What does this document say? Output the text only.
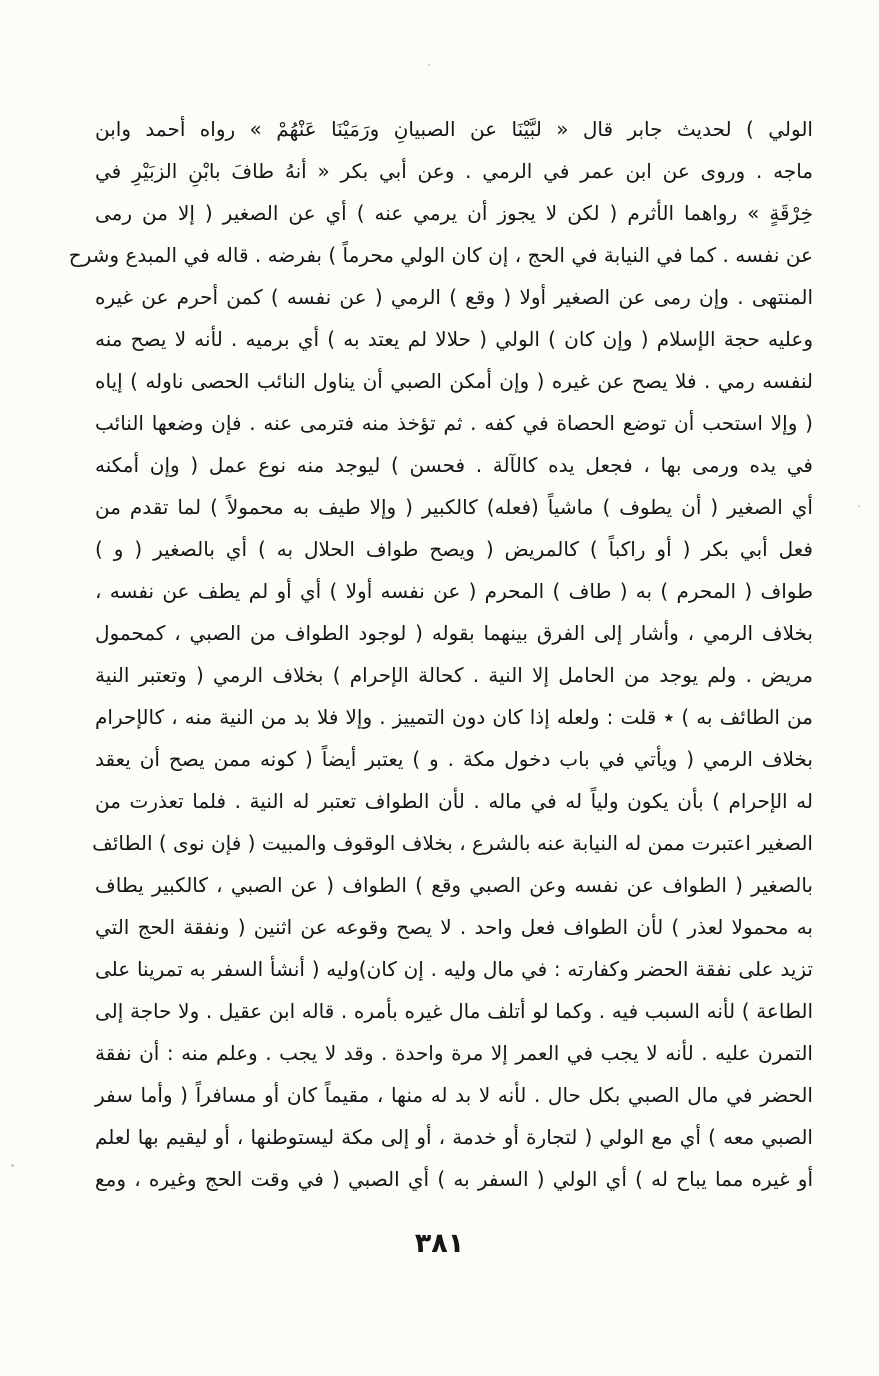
الولي ) لحديث جابر قال « لبَّيْنَا عن الصبيانِ ورَمَيْنَا عَنْهُمْ » رواه أحمد وابن
ماجه . وروى عن ابن عمر في الرمي . وعن أبي بكر « أنهُ طافَ بابْنِ الزبَيْرِ في
خِرْقَةٍ » رواهما الأثرم ( لكن لا يجوز أن يرمي عنه ) أي عن الصغير ( إلا من رمى
عن نفسه . كما في النيابة في الحج ، إن كان الولي محرماً ) بفرضه . قاله في المبدع وشرح
المنتهى . وإن رمى عن الصغير أولا ( وقع ) الرمي ( عن نفسه ) كمن أحرم عن غيره
وعليه حجة الإسلام ( وإن كان ) الولي ( حلالا لم يعتد به ) أي برميه . لأنه لا يصح منه
لنفسه رمي . فلا يصح عن غيره ( وإن أمكن الصبي أن يناول النائب الحصى ناوله ) إياه
( وإلا استحب أن توضع الحصاة في كفه . ثم تؤخذ منه فترمى عنه . فإن وضعها النائب
في يده ورمى بها ، فجعل يده كالآلة . فحسن ) ليوجد منه نوع عمل ( وإن أمكنه
أي الصغير ( أن يطوف ) ماشياً (فعله) كالكبير ( وإلا طيف به محمولاً ) لما تقدم من
فعل أبي بكر ( أو راكباً ) كالمريض ( ويصح طواف الحلال به ) أي بالصغير ( و )
طواف ( المحرم ) به ( طاف ) المحرم ( عن نفسه أولا ) أي أو لم يطف عن نفسه ،
بخلاف الرمي ، وأشار إلى الفرق بينهما بقوله ( لوجود الطواف من الصبي ، كمحمول
مريض . ولم يوجد من الحامل إلا النية . كحالة الإحرام ) بخلاف الرمي ( وتعتبر النية
من الطائف به ) ٭ قلت : ولعله إذا كان دون التمييز . وإلا فلا بد من النية منه ، كالإحرام
بخلاف الرمي ( ويأتي في باب دخول مكة . و ) يعتبر أيضاً ( كونه ممن يصح أن يعقد
له الإحرام ) بأن يكون ولياً له في ماله . لأن الطواف تعتبر له النية . فلما تعذرت من
الصغير اعتبرت ممن له النيابة عنه بالشرع ، بخلاف الوقوف والمبيت ( فإن نوى ) الطائف
بالصغير ( الطواف عن نفسه وعن الصبي وقع ) الطواف ( عن الصبي ، كالكبير يطاف
به محمولا لعذر ) لأن الطواف فعل واحد . لا يصح وقوعه عن اثنين ( ونفقة الحج التي
تزيد على نفقة الحضر وكفارته : في مال وليه . إن كان)وليه ( أنشأ السفر به تمرينا على
الطاعة ) لأنه السبب فيه . وكما لو أتلف مال غيره بأمره . قاله ابن عقيل . ولا حاجة إلى
التمرن عليه . لأنه لا يجب في العمر إلا مرة واحدة . وقد لا يجب . وعلم منه : أن نفقة
الحضر في مال الصبي بكل حال . لأنه لا بد له منها ، مقيماً كان أو مسافراً ( وأما سفر
الصبي معه ) أي مع الولي ( لتجارة أو خدمة ، أو إلى مكة ليستوطنها ، أو ليقيم بها لعلم
أو غيره مما يباح له ) أي الولي ( السفر به ) أي الصبي ( في وقت الحج وغيره ، ومع
٣٨١
